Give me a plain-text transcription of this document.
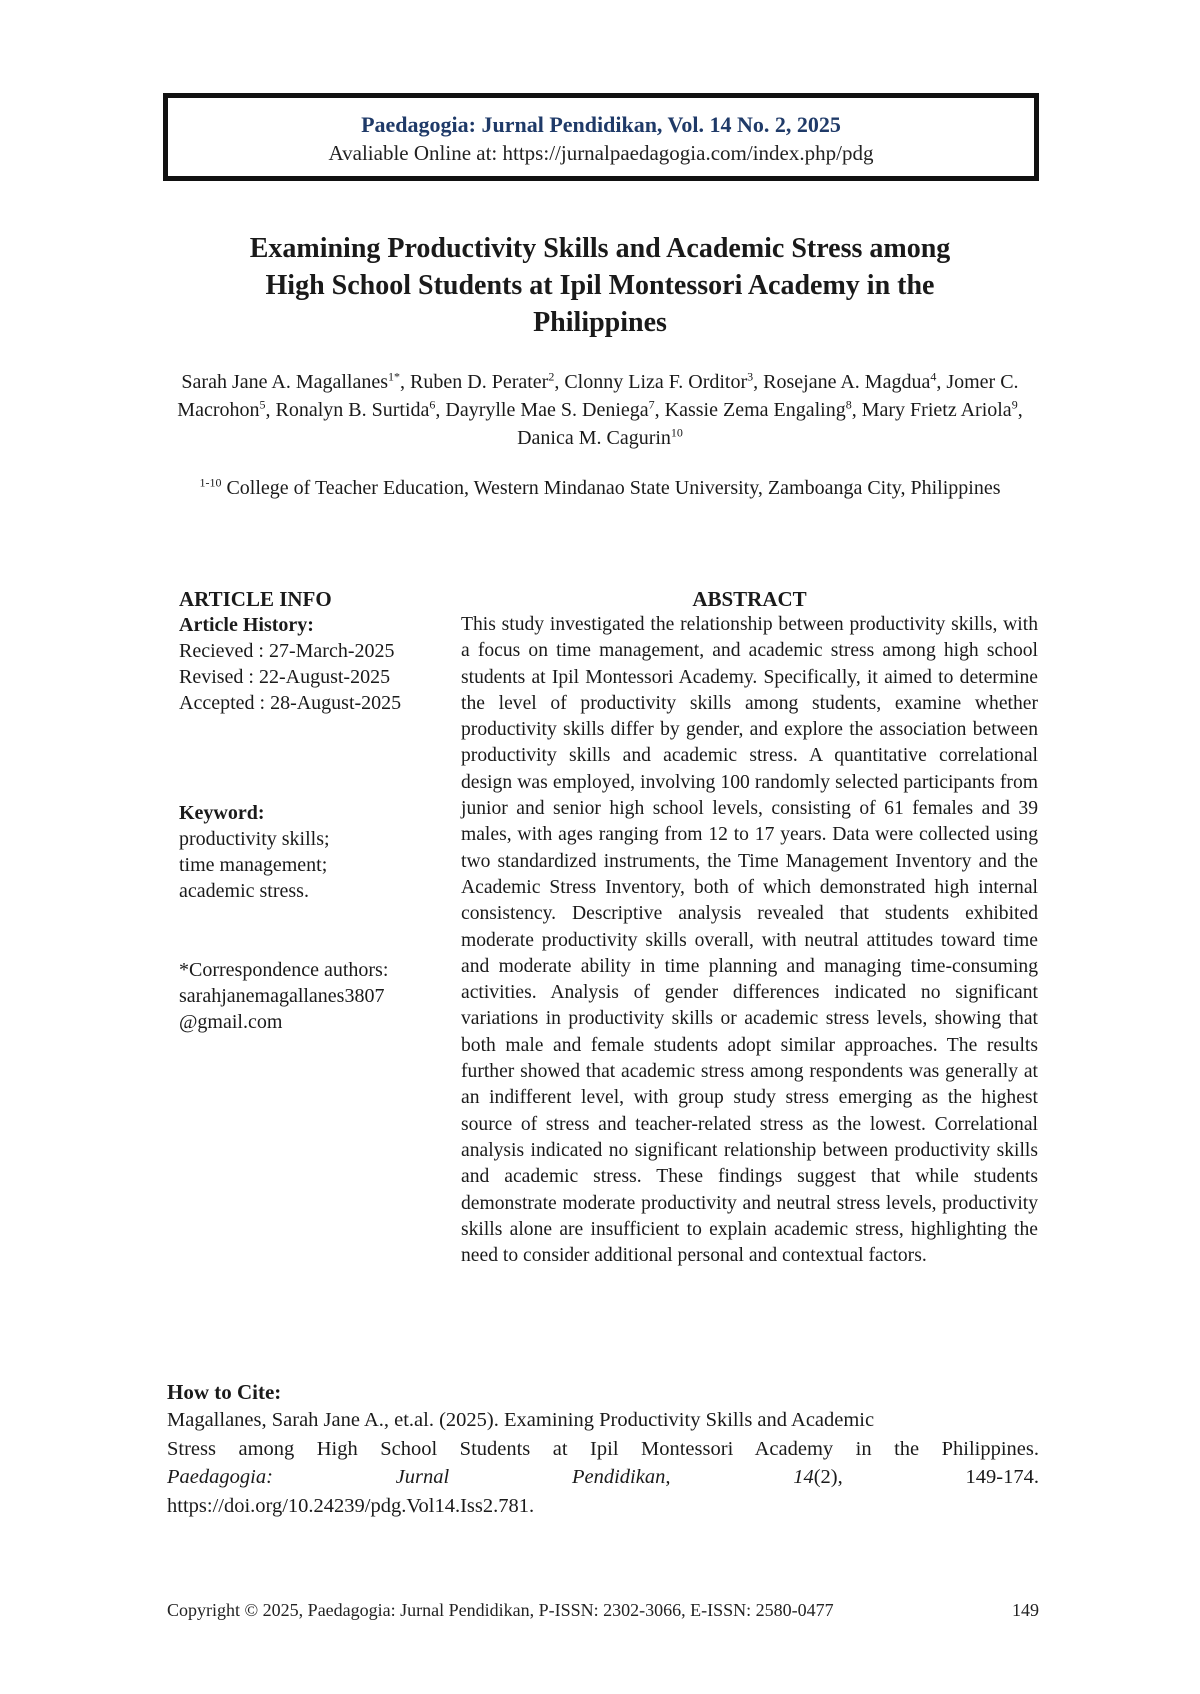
Paedagogia: Jurnal Pendidikan, Vol. 14 No. 2, 2025
Avaliable Online at: https://jurnalpaedagogia.com/index.php/pdg
Examining Productivity Skills and Academic Stress among
High School Students at Ipil Montessori Academy in the
Philippines
Sarah Jane A. Magallanes$^{1*}$, Ruben D. Perater$^2$, Clonny Liza F. Orditor$^3$, Rosejane A. Magdua$^4$, Jomer C. Macrohon$^5$, Ronalyn B. Surtida$^6$, Dayrylle Mae S. Deniega$^7$, Kassie Zema Engaling$^8$, Mary Frietz Ariola$^9$, Danica M. Cagurin$^{10}$
$^{1-10}$ College of Teacher Education, Western Mindanao State University, Zamboanga City, Philippines
ARTICLE INFO
Article History:
Recieved : 27-March-2025
Revised : 22-August-2025
Accepted : 28-August-2025
Keyword:
productivity skills;
time management;
academic stress.
*Correspondence authors:
sarahjanemagallanes3807
@gmail.com
ABSTRACT
This study investigated the relationship between productivity skills, with a focus on time management, and academic stress among high school students at Ipil Montessori Academy. Specifically, it aimed to determine the level of productivity skills among students, examine whether productivity skills differ by gender, and explore the association between productivity skills and academic stress. A quantitative correlational design was employed, involving 100 randomly selected participants from junior and senior high school levels, consisting of 61 females and 39 males, with ages ranging from 12 to 17 years. Data were collected using two standardized instruments, the Time Management Inventory and the Academic Stress Inventory, both of which demonstrated high internal consistency. Descriptive analysis revealed that students exhibited moderate productivity skills overall, with neutral attitudes toward time and moderate ability in time planning and managing time-consuming activities. Analysis of gender differences indicated no significant variations in productivity skills or academic stress levels, showing that both male and female students adopt similar approaches. The results further showed that academic stress among respondents was generally at an indifferent level, with group study stress emerging as the highest source of stress and teacher-related stress as the lowest. Correlational analysis indicated no significant relationship between productivity skills and academic stress. These findings suggest that while students demonstrate moderate productivity and neutral stress levels, productivity skills alone are insufficient to explain academic stress, highlighting the need to consider additional personal and contextual factors.
How to Cite:
Magallanes, Sarah Jane A., et.al. (2025). Examining Productivity Skills and Academic
Stress among High School Students at Ipil Montessori Academy in the Philippines.
Paedagogia:	Jurnal	Pendidikan,	14(2),	149-174.
https://doi.org/10.24239/pdg.Vol14.Iss2.781.
Copyright © 2025, Paedagogia: Jurnal Pendidikan, P-ISSN: 2302-3066, E-ISSN: 2580-0477	149
